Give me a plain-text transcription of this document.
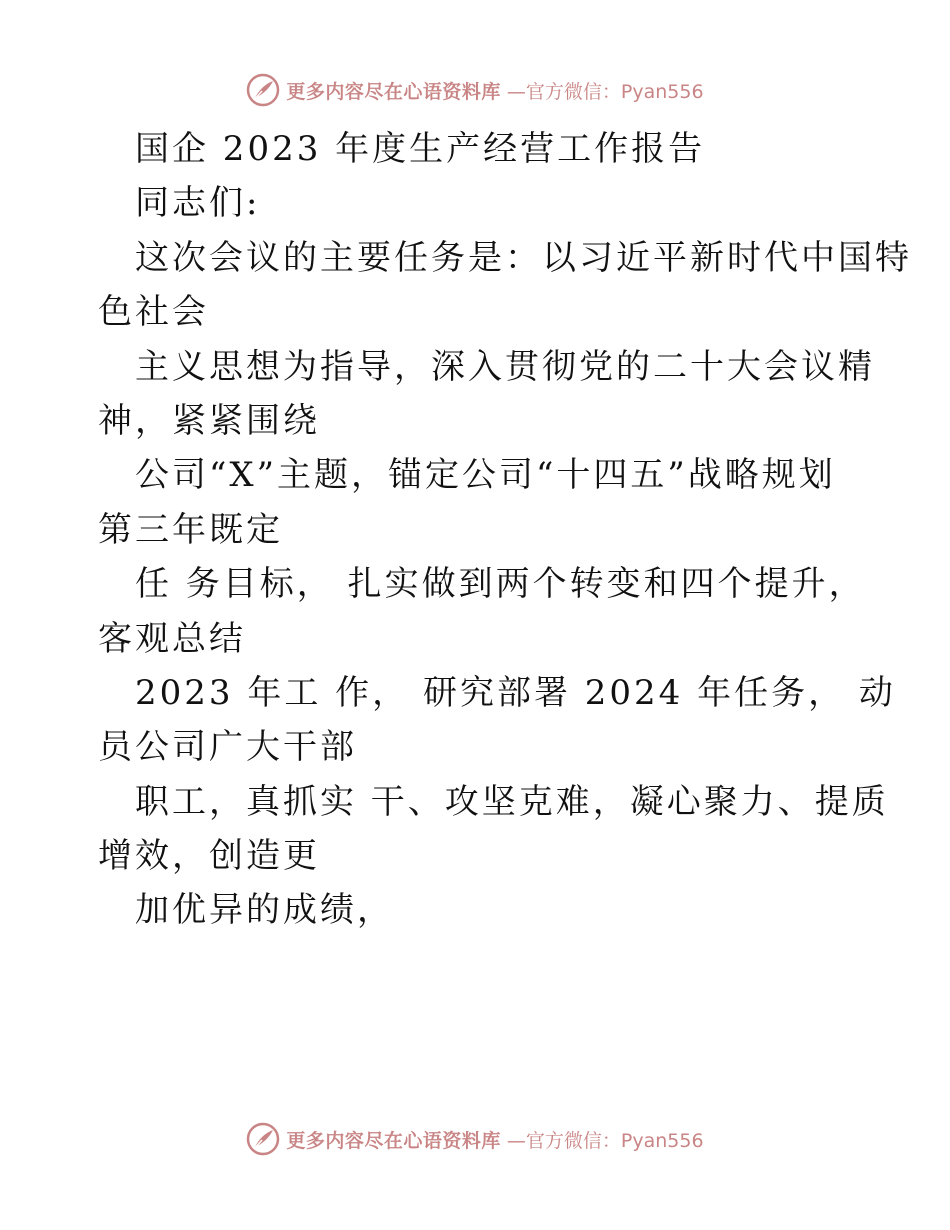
更多内容尽在心语资料库 —官方微信：Pyan556
国企 2023 年度生产经营工作报告
同志们:
这次会议的主要任务是：以习近平新时代中国特
色社会
主义思想为指导，深入贯彻党的二十大会议精
神，紧紧围绕
公司“X”主题，锚定公司“十四五”战略规划
第三年既定
任 务目标， 扎实做到两个转变和四个提升，
客观总结
2023 年工 作， 研究部署 2024 年任务， 动
员公司广大干部
职工，真抓实 干、攻坚克难，凝心聚力、提质
增效，创造更
加优异的成绩，
更多内容尽在心语资料库 —官方微信：Pyan556
